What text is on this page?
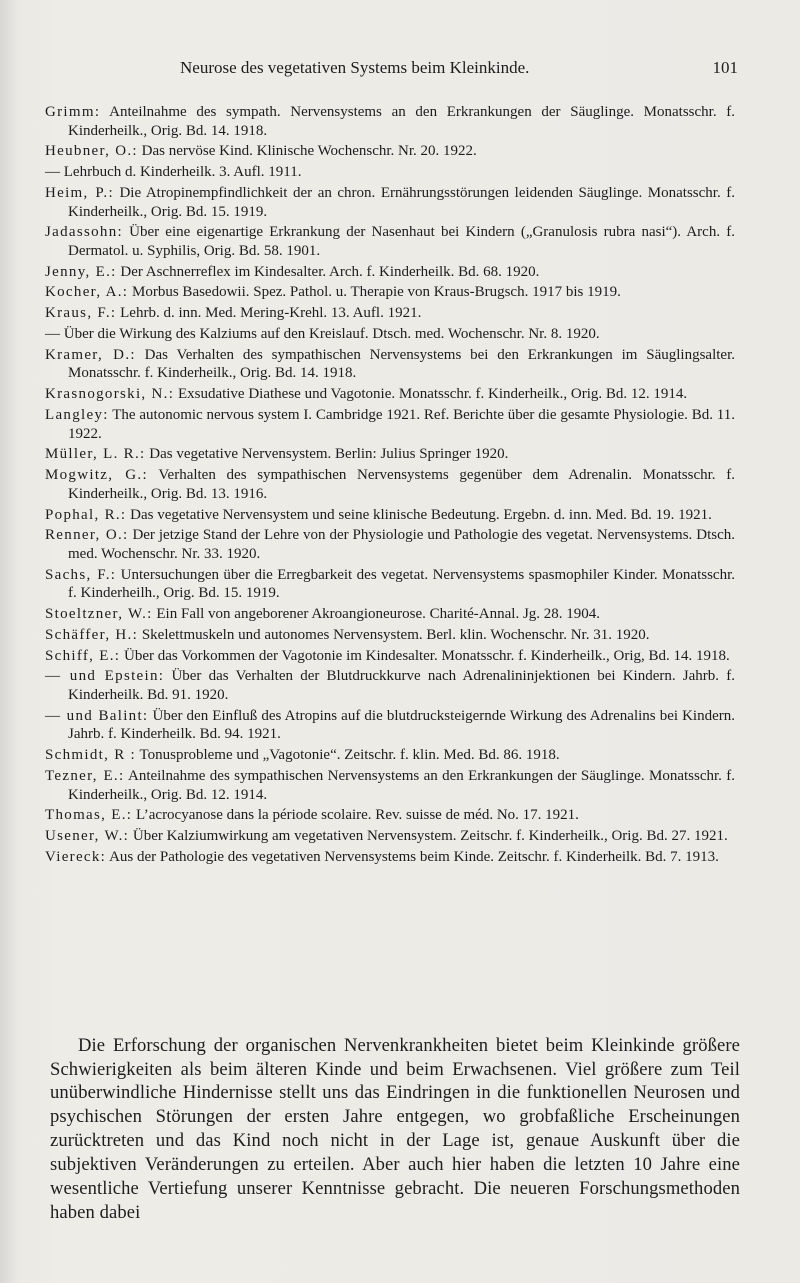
Neurose des vegetativen Systems beim Kleinkinde.	101

Grimm: Anteilnahme des sympath. Nervensystems an den Erkrankungen der Säuglinge. Monatsschr. f. Kinderheilk., Orig. Bd. 14. 1918.

Heubner, O.: Das nervöse Kind. Klinische Wochenschr. Nr. 20. 1922.

— Lehrbuch d. Kinderheilk. 3. Aufl. 1911.

Heim, P.: Die Atropinempfindlichkeit der an chron. Ernährungsstörungen leidenden Säuglinge. Monatsschr. f. Kinderheilk., Orig. Bd. 15. 1919.

Jadassohn: Über eine eigenartige Erkrankung der Nasenhaut bei Kindern („Granulosis rubra nasi“). Arch. f. Dermatol. u. Syphilis, Orig. Bd. 58. 1901.

Jenny, E.: Der Aschnerreflex im Kindesalter. Arch. f. Kinderheilk. Bd. 68. 1920.

Kocher, A.: Morbus Basedowii. Spez. Pathol. u. Therapie von Kraus-Brugsch. 1917 bis 1919.

Kraus, F.: Lehrb. d. inn. Med. Mering-Krehl. 13. Aufl. 1921.

— Über die Wirkung des Kalziums auf den Kreislauf. Dtsch. med. Wochenschr. Nr. 8. 1920.

Kramer, D.: Das Verhalten des sympathischen Nervensystems bei den Erkrankungen im Säuglingsalter. Monatsschr. f. Kinderheilk., Orig. Bd. 14. 1918.

Krasnogorski, N.: Exsudative Diathese und Vagotonie. Monatsschr. f. Kinderheilk., Orig. Bd. 12. 1914.

Langley: The autonomic nervous system I. Cambridge 1921. Ref. Berichte über die gesamte Physiologie. Bd. 11. 1922.

Müller, L. R.: Das vegetative Nervensystem. Berlin: Julius Springer 1920.

Mogwitz, G.: Verhalten des sympathischen Nervensystems gegenüber dem Adrenalin. Monatsschr. f. Kinderheilk., Orig. Bd. 13. 1916.

Pophal, R.: Das vegetative Nervensystem und seine klinische Bedeutung. Ergebn. d. inn. Med. Bd. 19. 1921.

Renner, O.: Der jetzige Stand der Lehre von der Physiologie und Pathologie des vegetat. Nervensystems. Dtsch. med. Wochenschr. Nr. 33. 1920.

Sachs, F.: Untersuchungen über die Erregbarkeit des vegetat. Nervensystems spasmophiler Kinder. Monatsschr. f. Kinderheilh., Orig. Bd. 15. 1919.

Stoeltzner, W.: Ein Fall von angeborener Akroangioneurose. Charité-Annal. Jg. 28. 1904.

Schäffer, H.: Skelettmuskeln und autonomes Nervensystem. Berl. klin. Wochenschr. Nr. 31. 1920.

Schiff, E.: Über das Vorkommen der Vagotonie im Kindesalter. Monatsschr. f. Kinderheilk., Orig, Bd. 14. 1918.

— und Epstein: Über das Verhalten der Blutdruckkurve nach Adrenalininjektionen bei Kindern. Jahrb. f. Kinderheilk. Bd. 91. 1920.

— und Balint: Über den Einfluß des Atropins auf die blutdrucksteigernde Wirkung des Adrenalins bei Kindern. Jahrb. f. Kinderheilk. Bd. 94. 1921.

Schmidt, R : Tonusprobleme und „Vagotonie“. Zeitschr. f. klin. Med. Bd. 86. 1918.

Tezner, E.: Anteilnahme des sympathischen Nervensystems an den Erkrankungen der Säuglinge. Monatsschr. f. Kinderheilk., Orig. Bd. 12. 1914.

Thomas, E.: L’acrocyanose dans la période scolaire. Rev. suisse de méd. No. 17. 1921.

Usener, W.: Über Kalziumwirkung am vegetativen Nervensystem. Zeitschr. f. Kinderheilk., Orig. Bd. 27. 1921.

Viereck: Aus der Pathologie des vegetativen Nervensystems beim Kinde. Zeitschr. f. Kinderheilk. Bd. 7. 1913.

Die Erforschung der organischen Nervenkrankheiten bietet beim Kleinkinde größere Schwierigkeiten als beim älteren Kinde und beim Erwachsenen. Viel größere zum Teil unüberwindliche Hindernisse stellt uns das Eindringen in die funktionellen Neurosen und psychischen Störungen der ersten Jahre entgegen, wo grobfaßliche Erscheinungen zurücktreten und das Kind noch nicht in der Lage ist, genaue Auskunft über die subjektiven Veränderungen zu erteilen. Aber auch hier haben die letzten 10 Jahre eine wesentliche Vertiefung unserer Kenntnisse gebracht. Die neueren Forschungsmethoden haben dabei
